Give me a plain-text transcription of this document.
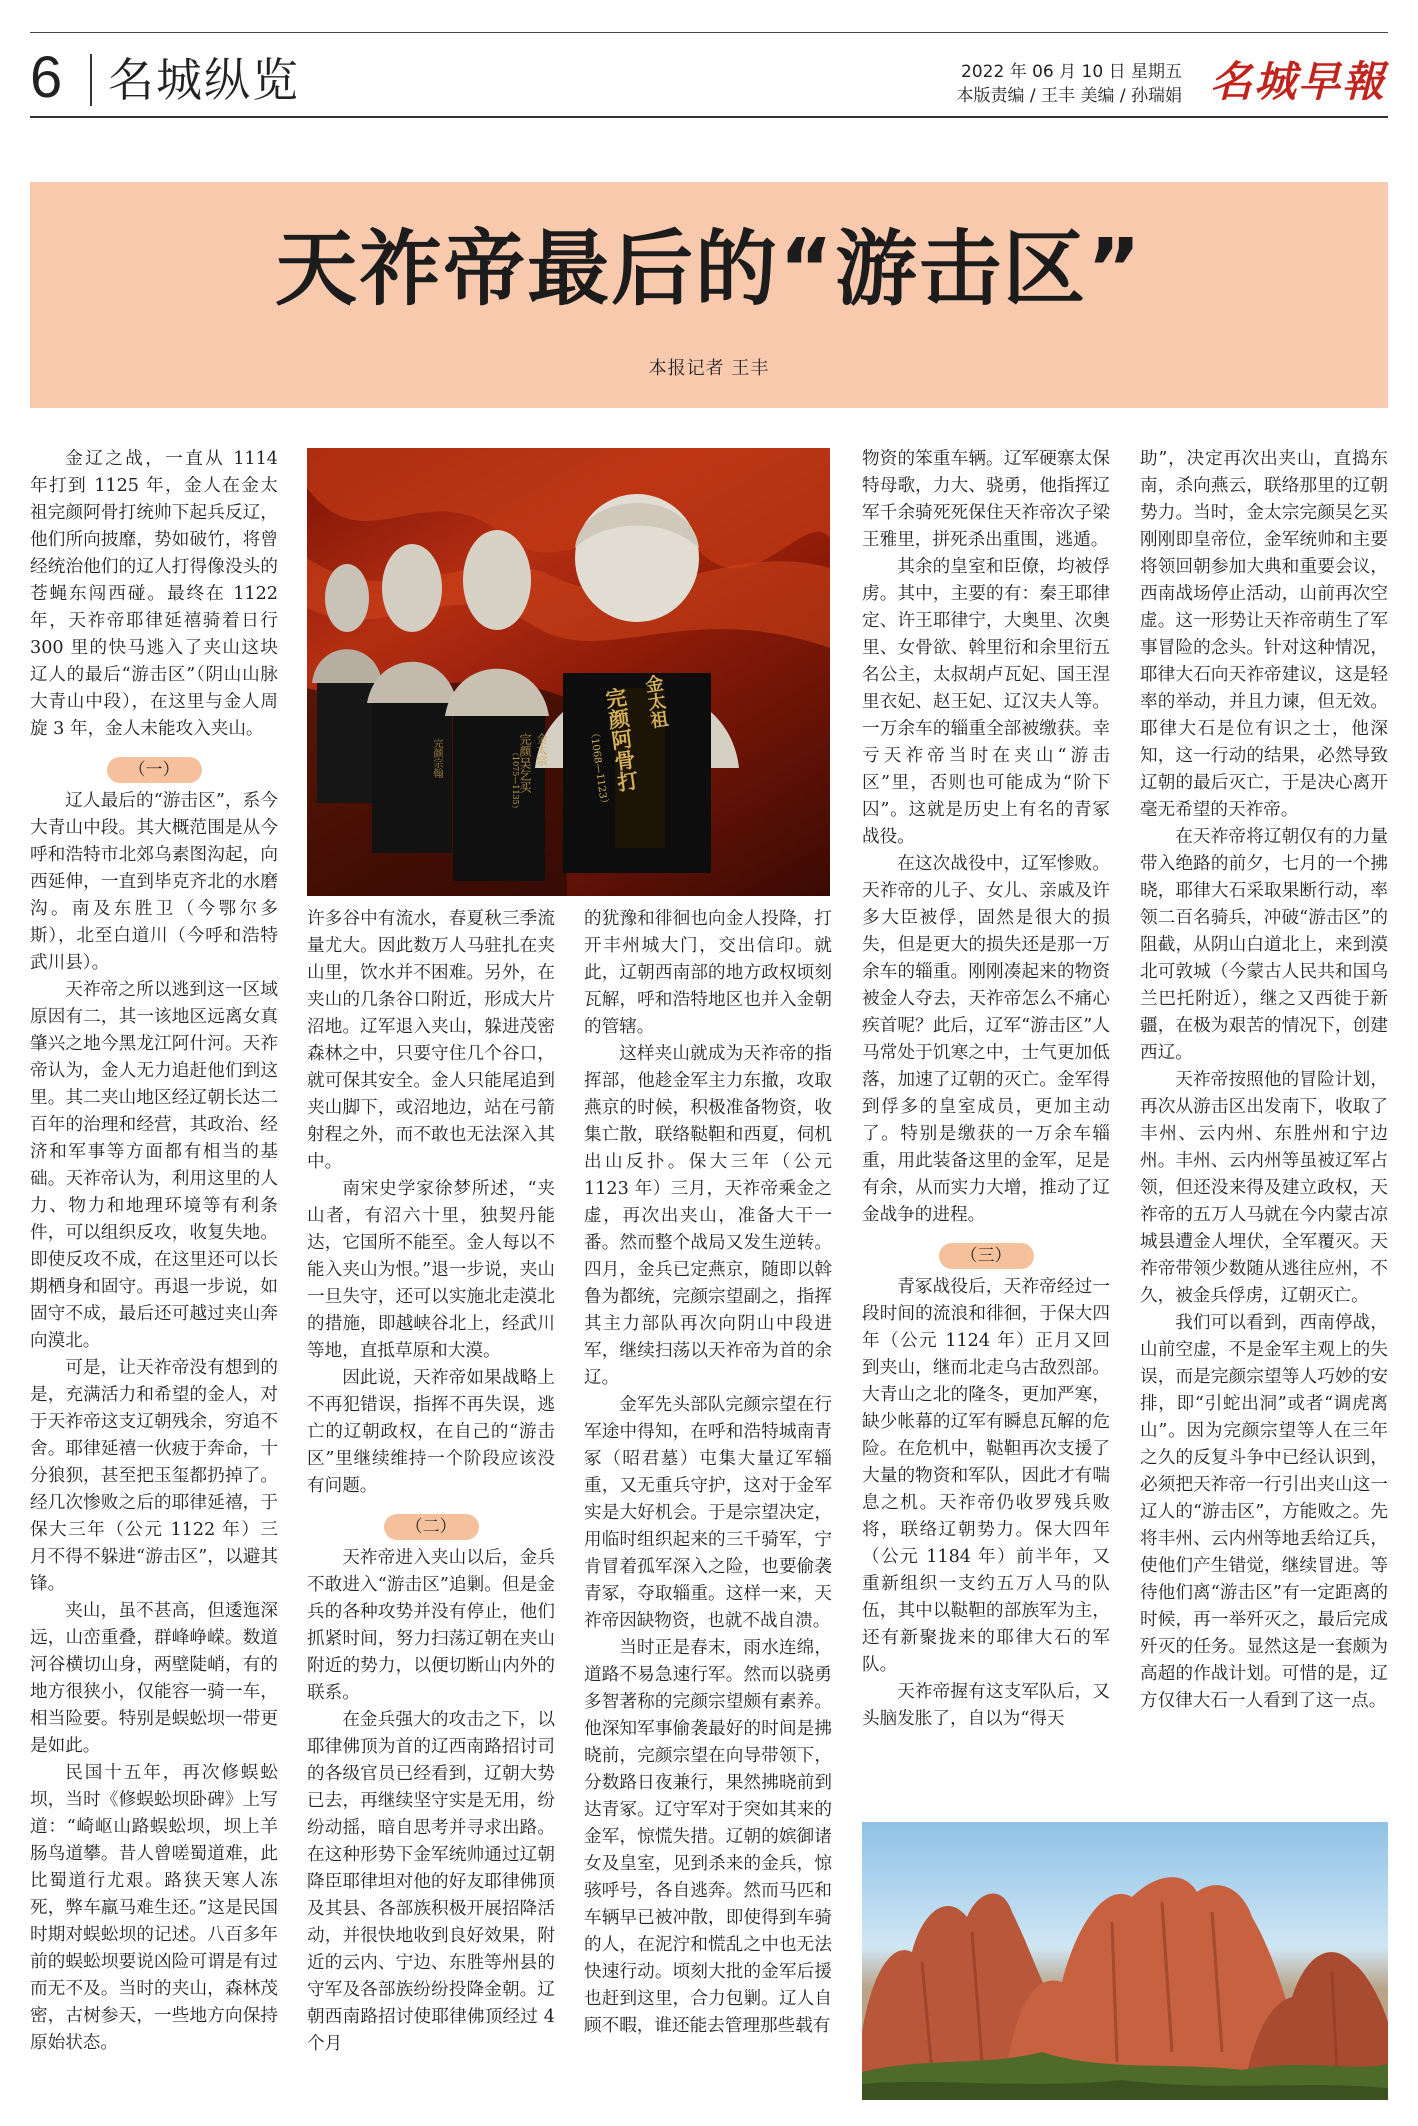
6 名城纵览	2022 年 06 月 10 日 星期五
本版责编 / 王丰 美编 / 孙瑞娟 名城早報
天祚帝最后的“游击区”
本报记者 王丰

金辽之战，一直从 1114 年打到 1125 年，金人在金太祖完颜阿骨打统帅下起兵反辽，他们所向披靡，势如破竹，将曾经统治他们的辽人打得像没头的苍蝇东闯西碰。最终在 1122 年，天祚帝耶律延禧骑着日行 300 里的快马逃入了夹山这块辽人的最后“游击区”（阴山山脉大青山中段），在这里与金人周旋 3 年，金人未能攻入夹山。

（一）

辽人最后的“游击区”，系今大青山中段。其大概范围是从今呼和浩特市北郊乌素图沟起，向西延伸，一直到毕克齐北的水磨沟。南及东胜卫（今鄂尔多斯），北至白道川（今呼和浩特武川县）。

天祚帝之所以逃到这一区域原因有二，其一该地区远离女真肇兴之地今黑龙江阿什河。天祚帝认为，金人无力追赶他们到这里。其二夹山地区经辽朝长达二百年的治理和经营，其政治、经济和军事等方面都有相当的基础。天祚帝认为，利用这里的人力、物力和地理环境等有利条件，可以组织反攻，收复失地。即使反攻不成，在这里还可以长期栖身和固守。再退一步说，如固守不成，最后还可越过夹山奔向漠北。

可是，让天祚帝没有想到的是，充满活力和希望的金人，对于天祚帝这支辽朝残余，穷追不舍。耶律延禧一伙疲于奔命，十分狼狈，甚至把玉玺都扔掉了。经几次惨败之后的耶律延禧，于保大三年（公元 1122 年）三月不得不躲进“游击区”，以避其锋。

夹山，虽不甚高，但逶迤深远，山峦重叠，群峰峥嵘。数道河谷横切山身，两壁陡峭，有的地方很狭小，仅能容一骑一车，相当险要。特别是蜈蚣坝一带更是如此。

民国十五年，再次修蜈蚣坝，当时《修蜈蚣坝卧碑》上写道：“崎岖山路蜈蚣坝，坝上羊肠鸟道攀。昔人曾嗟蜀道难，此比蜀道行尤艰。路狭天寒人冻死，弊车羸马难生还。”这是民国时期对蜈蚣坝的记述。八百多年前的蜈蚣坝要说凶险可谓是有过而无不及。当时的夹山，森林茂密，古树参天，一些地方向保持原始状态。

许多谷中有流水，春夏秋三季流量尤大。因此数万人马驻扎在夹山里，饮水并不困难。另外，在夹山的几条谷口附近，形成大片沼地。辽军退入夹山，躲进茂密森林之中，只要守住几个谷口，就可保其安全。金人只能尾追到夹山脚下，或沼地边，站在弓箭射程之外，而不敢也无法深入其中。

南宋史学家徐梦所述，“夹山者，有沼六十里，独契丹能达，它国所不能至。金人每以不能入夹山为恨。”退一步说，夹山一旦失守，还可以实施北走漠北的措施，即越峡谷北上，经武川等地，直抵草原和大漠。

因此说，天祚帝如果战略上不再犯错误，指挥不再失误，逃亡的辽朝政权，在自己的“游击区”里继续维持一个阶段应该没有问题。

（二）

天祚帝进入夹山以后，金兵不敢进入“游击区”追剿。但是金兵的各种攻势并没有停止，他们抓紧时间，努力扫荡辽朝在夹山附近的势力，以便切断山内外的联系。

在金兵强大的攻击之下，以耶律佛顶为首的辽西南路招讨司的各级官员已经看到，辽朝大势已去，再继续坚守实是无用，纷纷动摇，暗自思考并寻求出路。在这种形势下金军统帅通过辽朝降臣耶律坦对他的好友耶律佛顶及其县、各部族积极开展招降活动，并很快地收到良好效果，附近的云内、宁边、东胜等州县的守军及各部族纷纷投降金朝。辽朝西南路招讨使耶律佛顶经过 4 个月

的犹豫和徘徊也向金人投降，打开丰州城大门，交出信印。就此，辽朝西南部的地方政权顷刻瓦解，呼和浩特地区也并入金朝的管辖。

这样夹山就成为天祚帝的指挥部，他趁金军主力东撤，攻取燕京的时候，积极准备物资，收集亡散，联络鞑靼和西夏，伺机出山反扑。保大三年（公元 1123 年）三月，天祚帝乘金之虚，再次出夹山，准备大干一番。然而整个战局又发生逆转。四月，金兵已定燕京，随即以斡鲁为都统，完颜宗望副之，指挥其主力部队再次向阴山中段进军，继续扫荡以天祚帝为首的余辽。

金军先头部队完颜宗望在行军途中得知，在呼和浩特城南青冢（昭君墓）屯集大量辽军辎重，又无重兵守护，这对于金军实是大好机会。于是宗望决定，用临时组织起来的三千骑军，宁肯冒着孤军深入之险，也要偷袭青冢，夺取辎重。这样一来，天祚帝因缺物资，也就不战自溃。

当时正是春末，雨水连绵，道路不易急速行军。然而以骁勇多智著称的完颜宗望颇有素养。他深知军事偷袭最好的时间是拂晓前，完颜宗望在向导带领下，分数路日夜兼行，果然拂晓前到达青冢。辽守军对于突如其来的金军，惊慌失措。辽朝的嫔御诸女及皇室，见到杀来的金兵，惊骇呼号，各自逃奔。然而马匹和车辆早已被冲散，即使得到车骑的人，在泥泞和慌乱之中也无法快速行动。顷刻大批的金军后援也赶到这里，合力包剿。辽人自顾不暇，谁还能去管理那些载有

物资的笨重车辆。辽军硬寨太保特母歌，力大、骁勇，他指挥辽军千余骑死死保住天祚帝次子梁王雅里，拼死杀出重围，逃遁。

其余的皇室和臣僚，均被俘虏。其中，主要的有：秦王耶律定、许王耶律宁，大奥里、次奥里、女骨欲、斡里衍和余里衍五名公主，太叔胡卢瓦妃、国王涅里衣妃、赵王妃、辽汉夫人等。一万余车的辎重全部被缴获。幸亏天祚帝当时在夹山“游击区”里，否则也可能成为“阶下囚”。这就是历史上有名的青冢战役。

在这次战役中，辽军惨败。天祚帝的儿子、女儿、亲戚及许多大臣被俘，固然是很大的损失，但是更大的损失还是那一万余车的辎重。刚刚凑起来的物资被金人夺去，天祚帝怎么不痛心疾首呢？此后，辽军“游击区”人马常处于饥寒之中，士气更加低落，加速了辽朝的灭亡。金军得到俘多的皇室成员，更加主动了。特别是缴获的一万余车辎重，用此装备这里的金军，足是有余，从而实力大增，推动了辽金战争的进程。

（三）

青冢战役后，天祚帝经过一段时间的流浪和徘徊，于保大四年（公元 1124 年）正月又回到夹山，继而北走乌古敌烈部。大青山之北的隆冬，更加严寒，缺少帐幕的辽军有瞬息瓦解的危险。在危机中，鞑靼再次支援了大量的物资和军队，因此才有喘息之机。天祚帝仍收罗残兵败将，联络辽朝势力。保大四年（公元 1184 年）前半年，又重新组织一支约五万人马的队伍，其中以鞑靼的部族军为主，还有新聚拢来的耶律大石的军队。

天祚帝握有这支军队后，又头脑发胀了，自以为“得天

助”，决定再次出夹山，直捣东南，杀向燕云，联络那里的辽朝势力。当时，金太宗完颜吴乞买刚刚即皇帝位，金军统帅和主要将领回朝参加大典和重要会议，西南战场停止活动，山前再次空虚。这一形势让天祚帝萌生了军事冒险的念头。针对这种情况，耶律大石向天祚帝建议，这是轻率的举动，并且力谏，但无效。耶律大石是位有识之士，他深知，这一行动的结果，必然导致辽朝的最后灭亡，于是决心离开毫无希望的天祚帝。

在天祚帝将辽朝仅有的力量带入绝路的前夕，七月的一个拂晓，耶律大石采取果断行动，率领二百名骑兵，冲破“游击区”的阻截，从阴山白道北上，来到漠北可敦城（今蒙古人民共和国乌兰巴托附近），继之又西徙于新疆，在极为艰苦的情况下，创建西辽。

天祚帝按照他的冒险计划，再次从游击区出发南下，收取了丰州、云内州、东胜州和宁边州。丰州、云内州等虽被辽军占领，但还没来得及建立政权，天祚帝的五万人马就在今内蒙古凉城县遭金人埋伏，全军覆灭。天祚帝带领少数随从逃往应州，不久，被金兵俘虏，辽朝灭亡。

我们可以看到，西南停战，山前空虚，不是金军主观上的失误，而是完颜宗望等人巧妙的安排，即“引蛇出洞”或者“调虎离山”。因为完颜宗望等人在三年之久的反复斗争中已经认识到，必须把天祚帝一行引出夹山这一辽人的“游击区”，方能败之。先将丰州、云内州等地丢给辽兵，使他们产生错觉，继续冒进。等待他们离“游击区”有一定距离的时候，再一举歼灭之，最后完成歼灭的任务。显然这是一套颇为高超的作战计划。可惜的是，辽方仅律大石一人看到了这一点。

金太祖
完颜阿骨打
（1068—1123）
金太宗
完颜吴乞买
（1075—1135）
完颜宗翰
